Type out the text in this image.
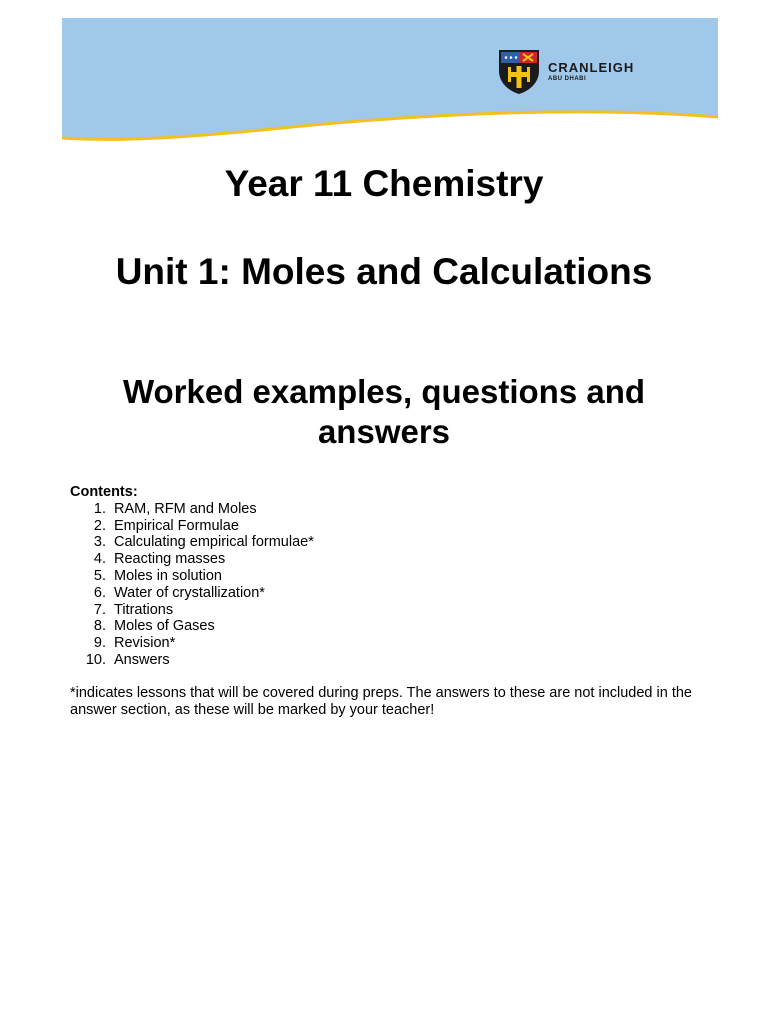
CRANLEIGH
ABU DHABI
Year 11 Chemistry
Unit 1: Moles and Calculations
Worked examples, questions and answers
Contents:
1. RAM, RFM and Moles
2. Empirical Formulae
3. Calculating empirical formulae*
4. Reacting masses
5. Moles in solution
6. Water of crystallization*
7. Titrations
8. Moles of Gases
9. Revision*
10. Answers
*indicates lessons that will be covered during preps. The answers to these are not included in the answer section, as these will be marked by your teacher!
